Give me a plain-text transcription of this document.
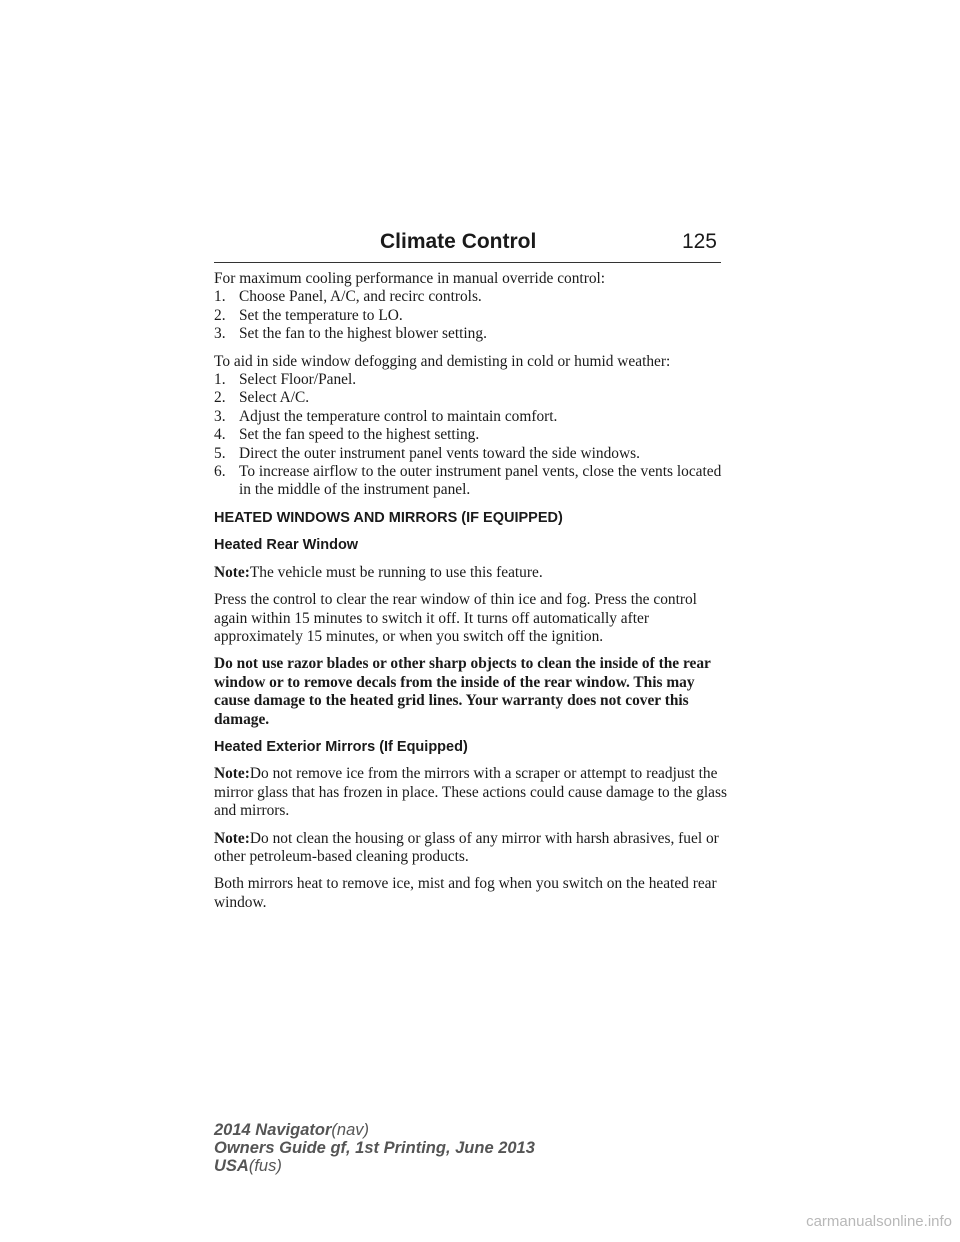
Climate Control	125

For maximum cooling performance in manual override control:

1. Choose Panel, A/C, and recirc controls.
2. Set the temperature to LO.
3. Set the fan to the highest blower setting.

To aid in side window defogging and demisting in cold or humid weather:

1. Select Floor/Panel.
2. Select A/C.
3. Adjust the temperature control to maintain comfort.
4. Set the fan speed to the highest setting.
5. Direct the outer instrument panel vents toward the side windows.
6. To increase airflow to the outer instrument panel vents, close the vents located in the middle of the instrument panel.

HEATED WINDOWS AND MIRRORS (IF EQUIPPED)

Heated Rear Window

Note:The vehicle must be running to use this feature.

Press the control to clear the rear window of thin ice and fog. Press the control again within 15 minutes to switch it off. It turns off automatically after approximately 15 minutes, or when you switch off the ignition.

Do not use razor blades or other sharp objects to clean the inside of the rear window or to remove decals from the inside of the rear window. This may cause damage to the heated grid lines. Your warranty does not cover this damage.

Heated Exterior Mirrors (If Equipped)

Note:Do not remove ice from the mirrors with a scraper or attempt to readjust the mirror glass that has frozen in place. These actions could cause damage to the glass and mirrors.

Note:Do not clean the housing or glass of any mirror with harsh abrasives, fuel or other petroleum-based cleaning products.

Both mirrors heat to remove ice, mist and fog when you switch on the heated rear window.

2014 Navigator(nav)
Owners Guide gf, 1st Printing, June 2013
USA(fus)
carmanualsonline.info
